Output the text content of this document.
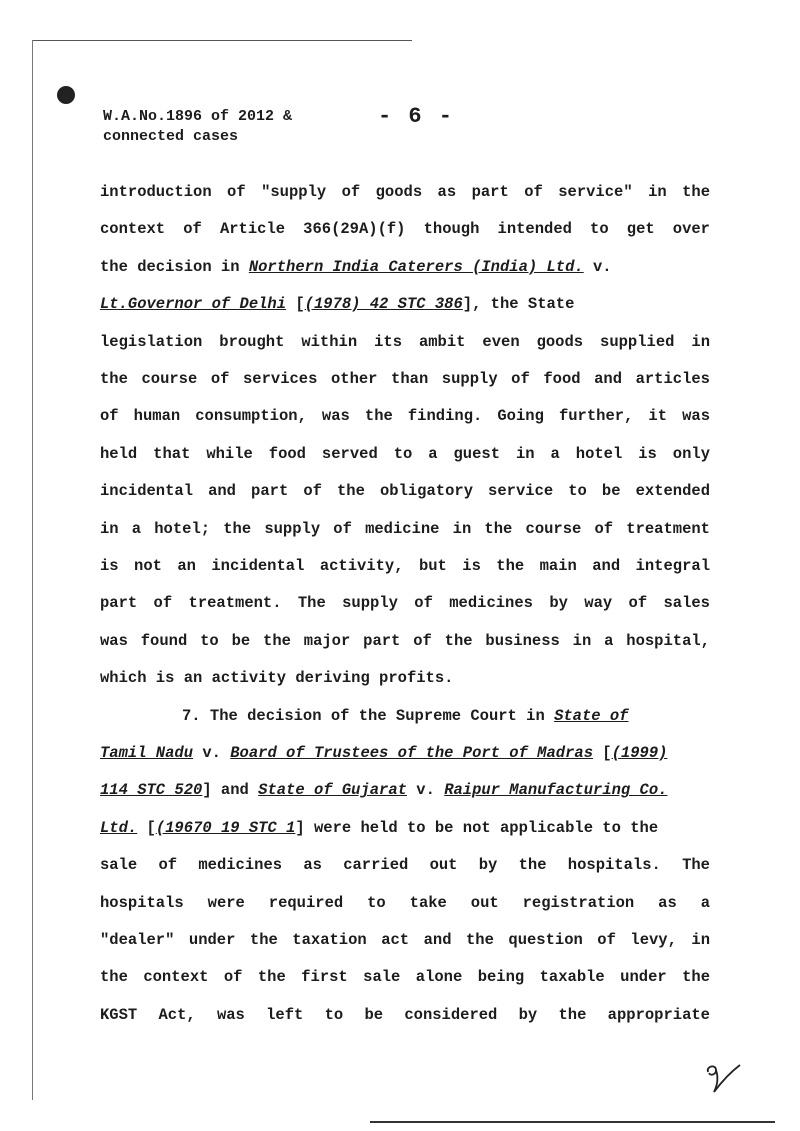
W.A.No.1896 of 2012 &
connected cases
- 6 -
introduction of "supply of goods as part of service" in the
context of Article 366(29A)(f) though intended to get over
the decision in Northern India Caterers (India) Ltd. v.
Lt.Governor of Delhi [(1978) 42 STC 386], the State
legislation brought within its ambit even goods supplied in
the course of services other than supply of food and articles
of human consumption, was the finding. Going further, it was
held that while food served to a guest in a hotel is only
incidental and part of the obligatory service to be extended
in a hotel; the supply of medicine in the course of treatment
is not an incidental activity, but is the main and integral
part of treatment. The supply of medicines by way of sales
was found to be the major part of the business in a hospital,
which is an activity deriving profits.
7. The decision of the Supreme Court in State of
Tamil Nadu v. Board of Trustees of the Port of Madras [(1999)
114 STC 520] and State of Gujarat v. Raipur Manufacturing Co.
Ltd. [(19670 19 STC 1] were held to be not applicable to the
sale of medicines as carried out by the hospitals. The
hospitals were required to take out registration as a
"dealer" under the taxation act and the question of levy, in
the context of the first sale alone being taxable under the
KGST Act, was left to be considered by the appropriate
